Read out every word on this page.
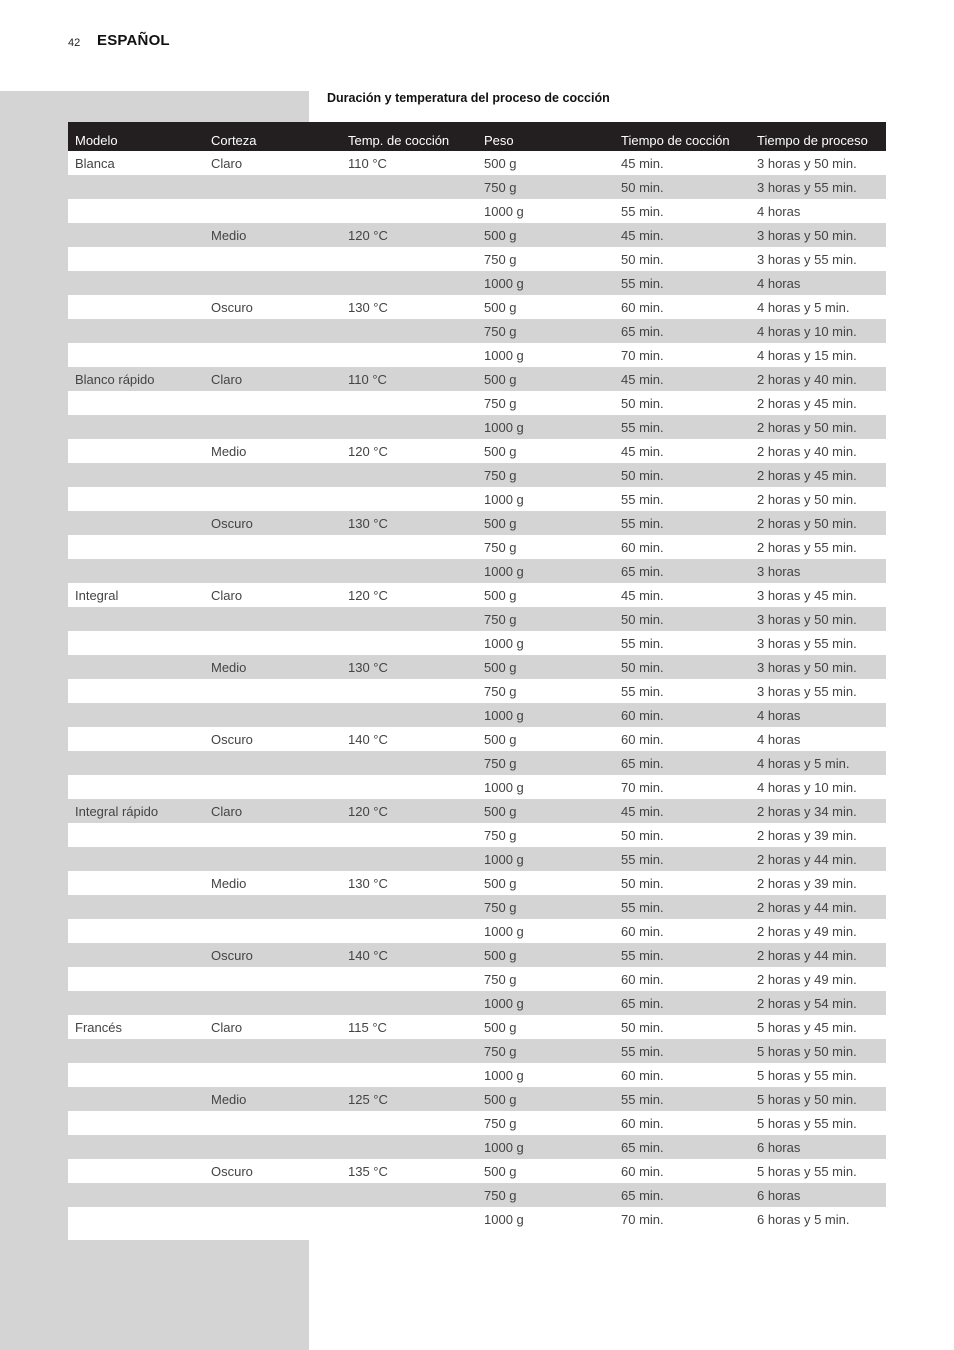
42 ESPAÑOL
Duración y temperatura del proceso de cocción
Modelo	Corteza	Temp. de cocción	Peso	Tiempo de cocción	Tiempo de proceso
Blanca	Claro	110 °C	500 g	45 min.	3 horas y 50 min.
750 g	50 min.	3 horas y 55 min.
1000 g	55 min.	4 horas
Medio	120 °C	500 g	45 min.	3 horas y 50 min.
750 g	50 min.	3 horas y 55 min.
1000 g	55 min.	4 horas
Oscuro	130 °C	500 g	60 min.	4 horas y 5 min.
750 g	65 min.	4 horas y 10 min.
1000 g	70 min.	4 horas y 15 min.
Blanco rápido	Claro	110 °C	500 g	45 min.	2 horas y 40 min.
750 g	50 min.	2 horas y 45 min.
1000 g	55 min.	2 horas y 50 min.
Medio	120 °C	500 g	45 min.	2 horas y 40 min.
750 g	50 min.	2 horas y 45 min.
1000 g	55 min.	2 horas y 50 min.
Oscuro	130 °C	500 g	55 min.	2 horas y 50 min.
750 g	60 min.	2 horas y 55 min.
1000 g	65 min.	3 horas
Integral	Claro	120 °C	500 g	45 min.	3 horas y 45 min.
750 g	50 min.	3 horas y 50 min.
1000 g	55 min.	3 horas y 55 min.
Medio	130 °C	500 g	50 min.	3 horas y 50 min.
750 g	55 min.	3 horas y 55 min.
1000 g	60 min.	4 horas
Oscuro	140 °C	500 g	60 min.	4 horas
750 g	65 min.	4 horas y 5 min.
1000 g	70 min.	4 horas y 10 min.
Integral rápido	Claro	120 °C	500 g	45 min.	2 horas y 34 min.
750 g	50 min.	2 horas y 39 min.
1000 g	55 min.	2 horas y 44 min.
Medio	130 °C	500 g	50 min.	2 horas y 39 min.
750 g	55 min.	2 horas y 44 min.
1000 g	60 min.	2 horas y 49 min.
Oscuro	140 °C	500 g	55 min.	2 horas y 44 min.
750 g	60 min.	2 horas y 49 min.
1000 g	65 min.	2 horas y 54 min.
Francés	Claro	115 °C	500 g	50 min.	5 horas y 45 min.
750 g	55 min.	5 horas y 50 min.
1000 g	60 min.	5 horas y 55 min.
Medio	125 °C	500 g	55 min.	5 horas y 50 min.
750 g	60 min.	5 horas y 55 min.
1000 g	65 min.	6 horas
Oscuro	135 °C	500 g	60 min.	5 horas y 55 min.
750 g	65 min.	6 horas
1000 g	70 min.	6 horas y 5 min.
